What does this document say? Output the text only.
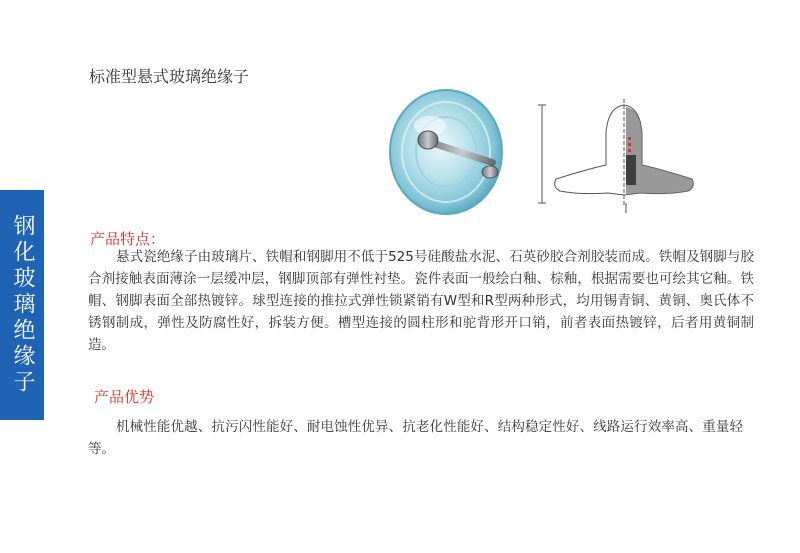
钢化玻璃绝缘子
标准型悬式玻璃绝缘子
产品特点：

悬式瓷绝缘子由玻璃片、铁帽和钢脚用不低于525号硅酸盐水泥、石英砂胶合剂胶装而成。铁帽及钢脚与胶合剂接触表面薄涂一层缓冲层，钢脚顶部有弹性衬垫。瓷件表面一般绘白釉、棕釉，根据需要也可绘其它釉。铁帽、钢脚表面全部热镀锌。球型连接的推拉式弹性锁紧销有W型和R型两种形式，均用锡青铜、黄铜、奥氏体不锈钢制成，弹性及防腐性好，拆装方便。槽型连接的圆柱形和驼背形开口销，前者表面热镀锌，后者用黄铜制造。

产品优势

机械性能优越、抗污闪性能好、耐电蚀性优异、抗老化性能好、结构稳定性好、线路运行效率高、重量轻等。
